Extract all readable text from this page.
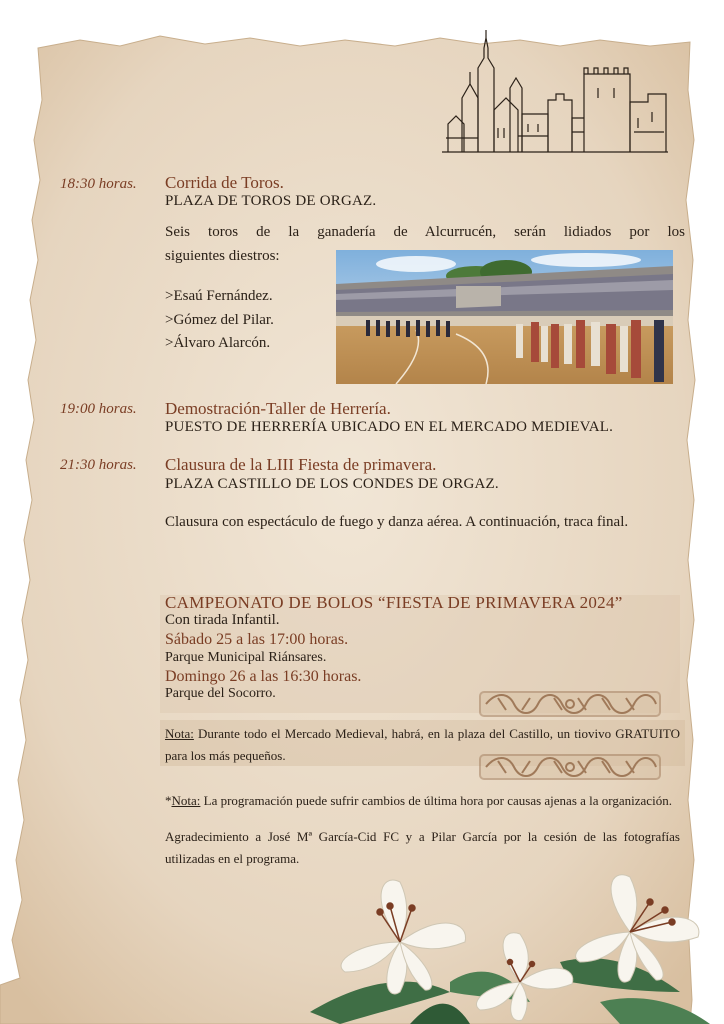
18:30 horas. Corrida de Toros.
PLAZA DE TOROS DE ORGAZ.
Seis toros de la ganadería de Alcurrucén, serán lidiados por los
siguientes diestros:
>Esaú Fernández.
>Gómez del Pilar.
>Álvaro Alarcón.
19:00 horas. Demostración-Taller de Herrería.
PUESTO DE HERRERÍA UBICADO EN EL MERCADO MEDIEVAL.
21:30 horas. Clausura de la LIII Fiesta de primavera.
PLAZA CASTILLO DE LOS CONDES DE ORGAZ.
Clausura con espectáculo de fuego y danza aérea. A continuación, traca final.
CAMPEONATO DE BOLOS “FIESTA DE PRIMAVERA 2024”
Con tirada Infantil.
Sábado 25 a las 17:00 horas.
Parque Municipal Riánsares.
Domingo 26 a las 16:30 horas.
Parque del Socorro.
Nota: Durante todo el Mercado Medieval, habrá, en la plaza del Castillo, un tiovivo GRATUITO para los más pequeños.
*Nota: La programación puede sufrir cambios de última hora por causas ajenas a la organización.
Agradecimiento a José Mª García-Cid FC y a Pilar García por la cesión de las fotografías utilizadas en el programa.
